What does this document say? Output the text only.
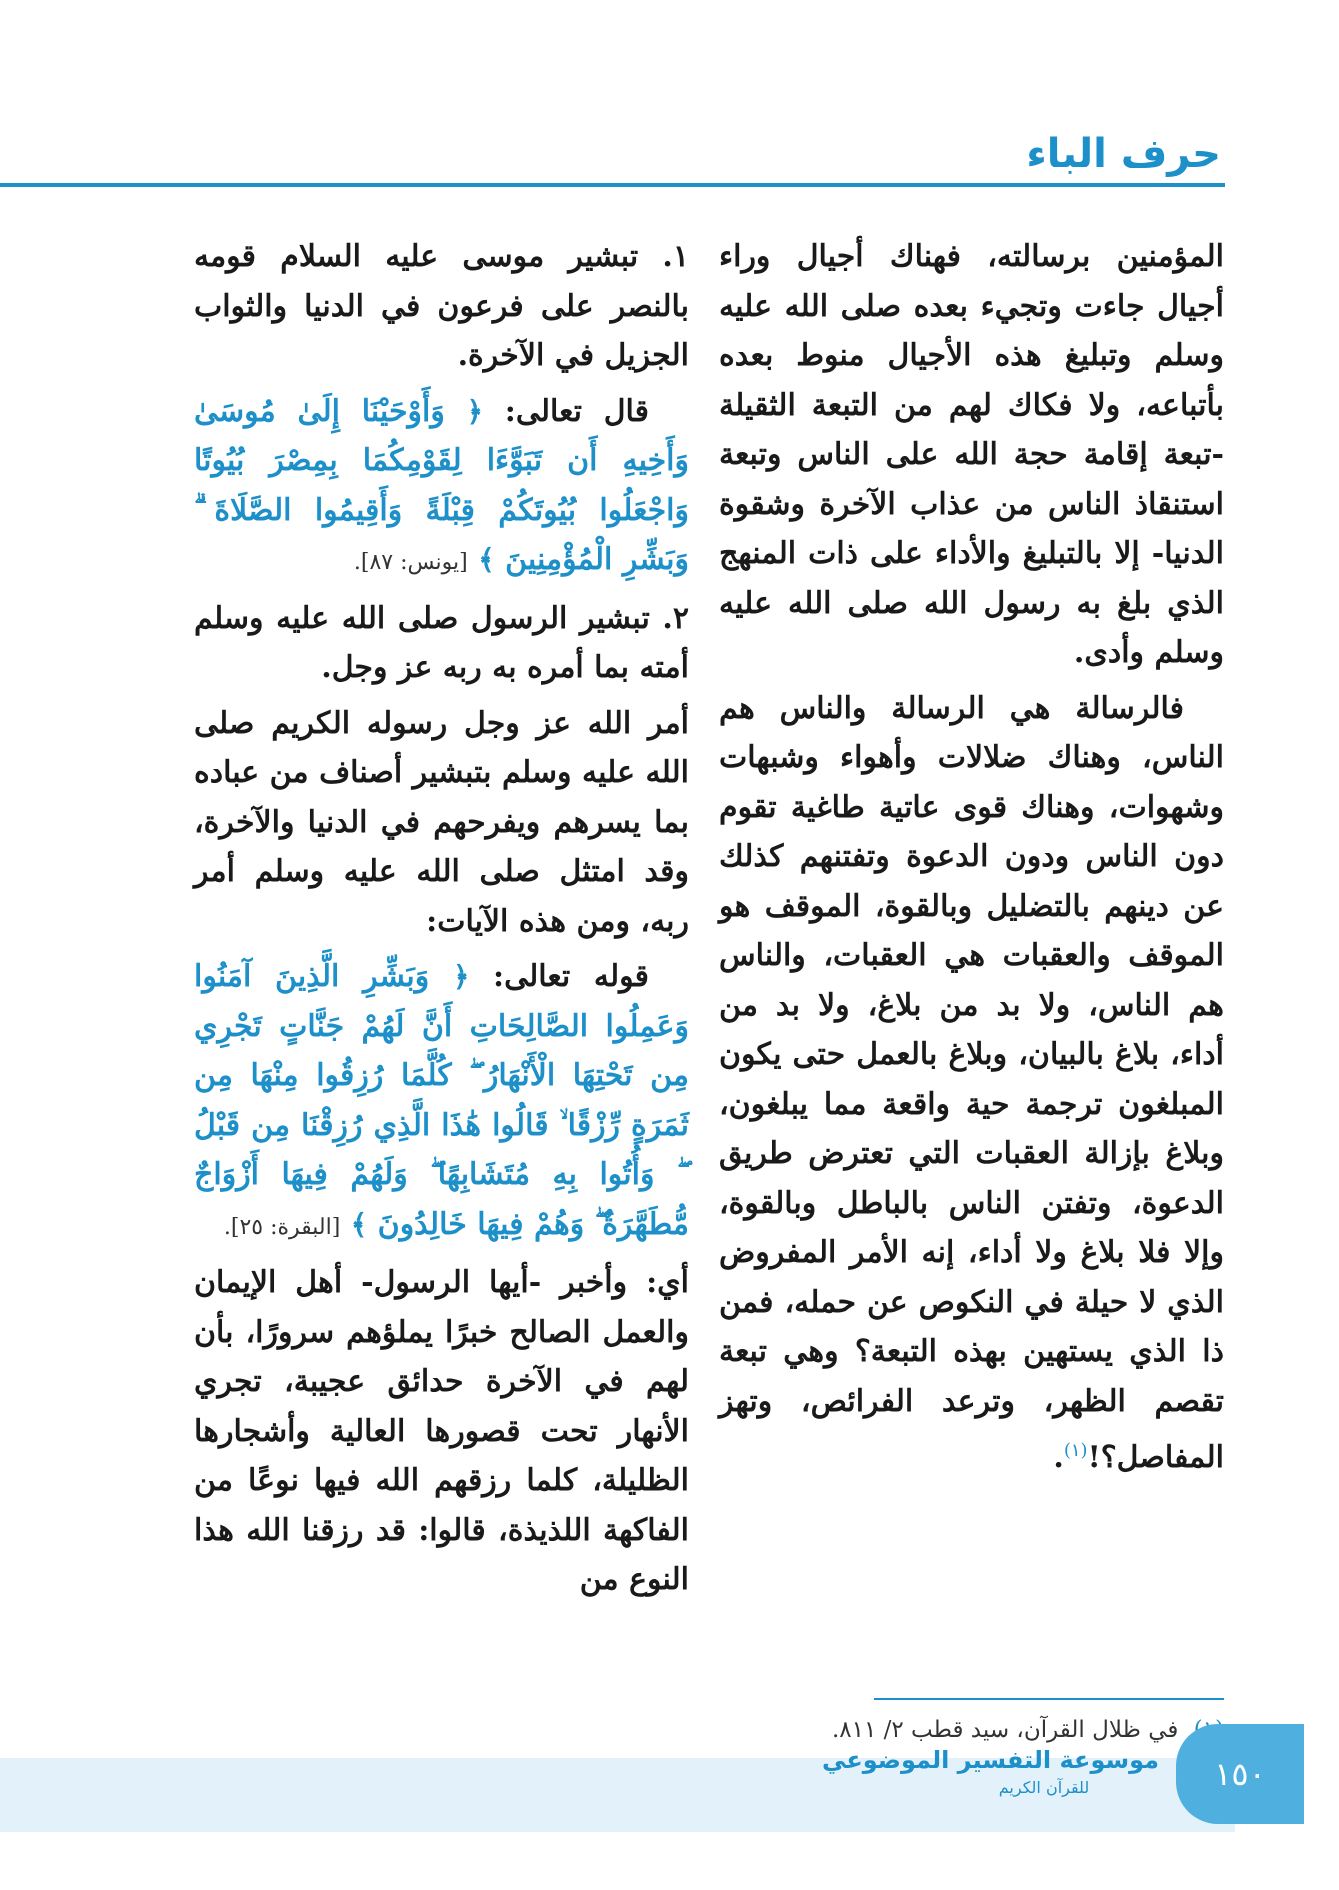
حرف الباء

المؤمنين برسالته، فهناك أجيال وراء أجيال جاءت وتجيء بعده صلى الله عليه وسلم وتبليغ هذه الأجيال منوط بعده بأتباعه، ولا فكاك لهم من التبعة الثقيلة -تبعة إقامة حجة الله على الناس وتبعة استنقاذ الناس من عذاب الآخرة وشقوة الدنيا- إلا بالتبليغ والأداء على ذات المنهج الذي بلغ به رسول الله صلى الله عليه وسلم وأدى.

فالرسالة هي الرسالة والناس هم الناس، وهناك ضلالات وأهواء وشبهات وشهوات، وهناك قوى عاتية طاغية تقوم دون الناس ودون الدعوة وتفتنهم كذلك عن دينهم بالتضليل وبالقوة، الموقف هو الموقف والعقبات هي العقبات، والناس هم الناس، ولا بد من بلاغ، ولا بد من أداء، بلاغ بالبيان، وبلاغ بالعمل حتى يكون المبلغون ترجمة حية واقعة مما يبلغون، وبلاغ بإزالة العقبات التي تعترض طريق الدعوة، وتفتن الناس بالباطل وبالقوة، وإلا فلا بلاغ ولا أداء، إنه الأمر المفروض الذي لا حيلة في النكوص عن حمله، فمن ذا الذي يستهين بهذه التبعة؟ وهي تبعة تقصم الظهر، وترعد الفرائص، وتهز المفاصل؟!$^{(١)}$.

١. تبشير موسى عليه السلام قومه بالنصر على فرعون في الدنيا والثواب الجزيل في الآخرة.

قال تعالى: ﴿ وَأَوْحَيْنَا إِلَىٰ مُوسَىٰ وَأَخِيهِ أَن تَبَوَّءَا لِقَوْمِكُمَا بِمِصْرَ بُيُوتًا وَاجْعَلُوا بُيُوتَكُمْ قِبْلَةً وَأَقِيمُوا الصَّلَاةَ ۗ وَبَشِّرِ الْمُؤْمِنِينَ ﴾ [يونس: ٨٧].

٢. تبشير الرسول صلى الله عليه وسلم أمته بما أمره به ربه عز وجل.

أمر الله عز وجل رسوله الكريم صلى الله عليه وسلم بتبشير أصناف من عباده بما يسرهم ويفرحهم في الدنيا والآخرة، وقد امتثل صلى الله عليه وسلم أمر ربه، ومن هذه الآيات:

قوله تعالى: ﴿ وَبَشِّرِ الَّذِينَ آمَنُوا وَعَمِلُوا الصَّالِحَاتِ أَنَّ لَهُمْ جَنَّاتٍ تَجْرِي مِن تَحْتِهَا الْأَنْهَارُ ۖ كُلَّمَا رُزِقُوا مِنْهَا مِن ثَمَرَةٍ رِّزْقًا ۙ قَالُوا هَٰذَا الَّذِي رُزِقْنَا مِن قَبْلُ ۖ وَأُتُوا بِهِ مُتَشَابِهًا ۖ وَلَهُمْ فِيهَا أَزْوَاجٌ مُّطَهَّرَةٌ ۖ وَهُمْ فِيهَا خَالِدُونَ ﴾ [البقرة: ٢٥].

أي: وأخبر -أيها الرسول- أهل الإيمان والعمل الصالح خبرًا يملؤهم سرورًا، بأن لهم في الآخرة حدائق عجيبة، تجري الأنهار تحت قصورها العالية وأشجارها الظليلة، كلما رزقهم الله فيها نوعًا من الفاكهة اللذيذة، قالوا: قد رزقنا الله هذا النوع من

في ظلال القرآن، سيد قطب ٢/ ٨١١.
١٥٠
موسوعة التفسير الموضوعي
للقرآن الكريم
